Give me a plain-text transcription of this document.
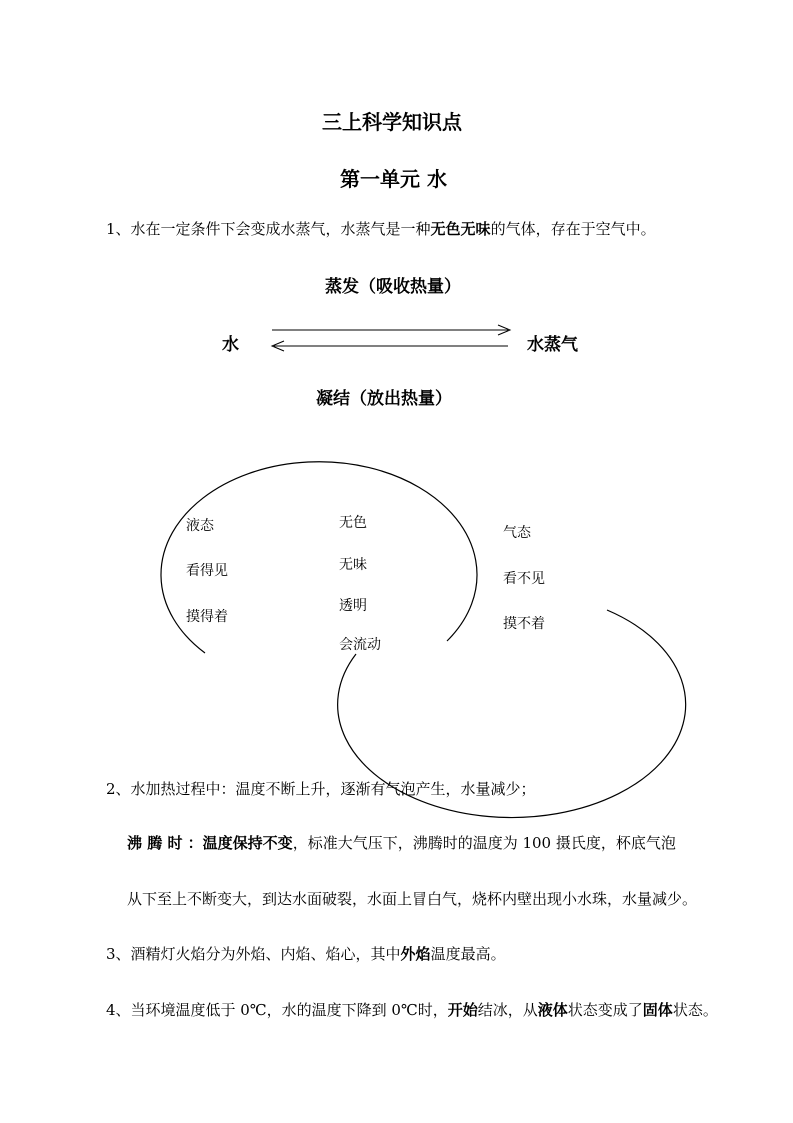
三上科学知识点
第一单元 水
1、水在一定条件下会变成水蒸气，水蒸气是一种无色无味的气体，存在于空气中。
蒸发（吸收热量）
水	水蒸气
凝结（放出热量）
液态
看得见
摸得着
无色
无味
透明
会流动
气态
看不见
摸不着
2、水加热过程中：温度不断上升，逐渐有气泡产生，水量减少；
沸 腾 时 ：温度保持不变，标准大气压下，沸腾时的温度为 100 摄氏度，杯底气泡
从下至上不断变大，到达水面破裂，水面上冒白气，烧杯内壁出现小水珠，水量减少。
3、酒精灯火焰分为外焰、内焰、焰心，其中外焰温度最高。
4、当环境温度低于 0℃，水的温度下降到 0℃时，开始结冰，从液体状态变成了固体状态。
